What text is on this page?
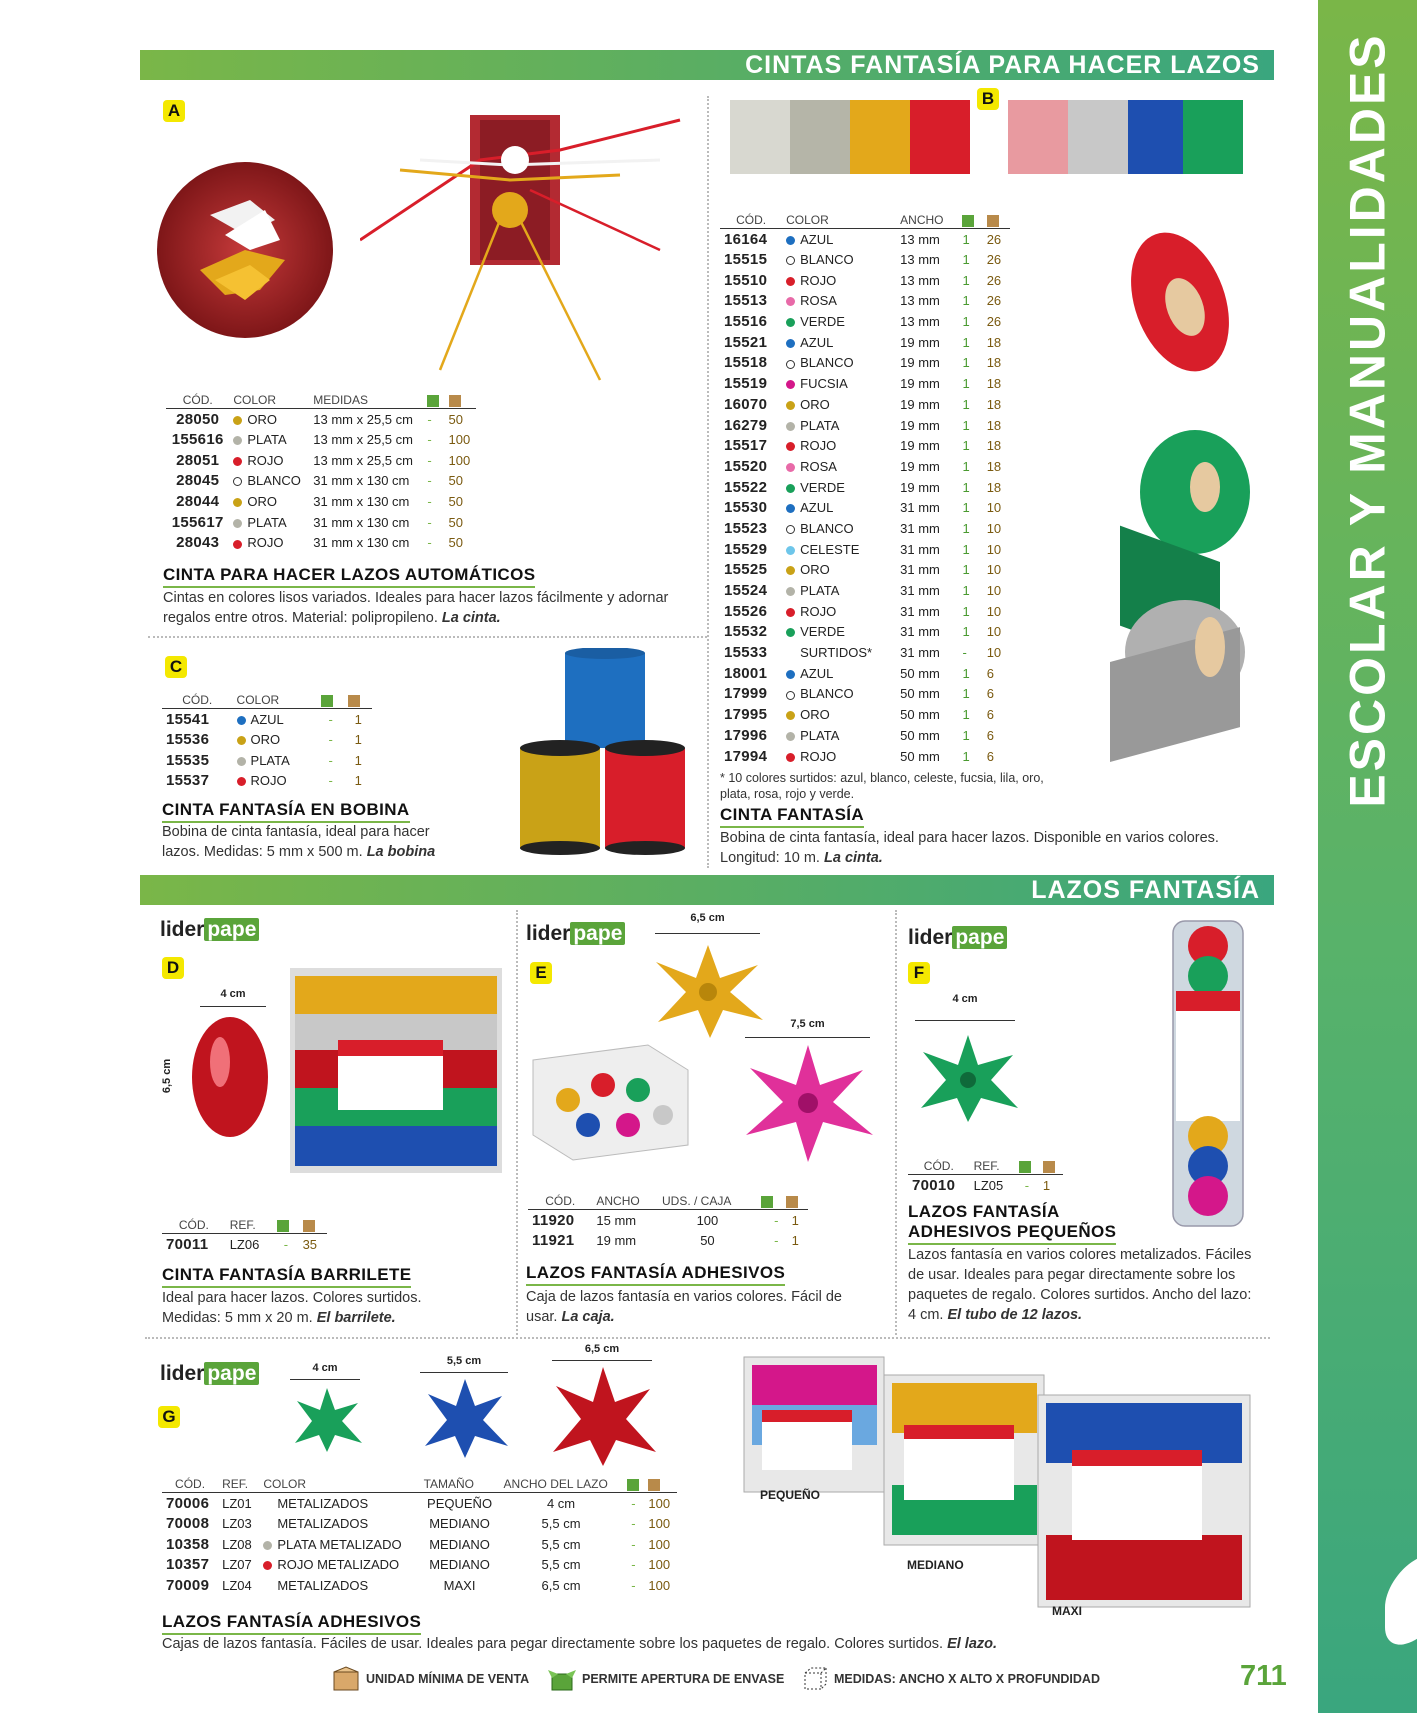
ESCOLAR Y MANUALIDADES
CINTAS FANTASÍA PARA HACER LAZOS
A
CÓD.	COLOR	MEDIDAS		
28050	ORO	13 mm x 25,5 cm	-	50
155616	PLATA	13 mm x 25,5 cm	-	100
28051	ROJO	13 mm x 25,5 cm	-	100
28045	BLANCO	31 mm x 130 cm	-	50
28044	ORO	31 mm x 130 cm	-	50
155617	PLATA	31 mm x 130 cm	-	50
28043	ROJO	31 mm x 130 cm	-	50
CINTA PARA HACER LAZOS AUTOMÁTICOS
Cintas en colores lisos variados. Ideales para hacer lazos fácilmente y adornar regalos entre otros. Material: polipropileno. La cinta.
C
CÓD.	COLOR		
15541	AZUL	-	1
15536	ORO	-	1
15535	PLATA	-	1
15537	ROJO	-	1
CINTA FANTASÍA EN BOBINA
Bobina de cinta fantasía, ideal para hacer lazos. Medidas: 5 mm x 500 m. La bobina
B
CÓD.	COLOR	ANCHO		
16164	AZUL	13 mm	1	26
15515	BLANCO	13 mm	1	26
15510	ROJO	13 mm	1	26
15513	ROSA	13 mm	1	26
15516	VERDE	13 mm	1	26
15521	AZUL	19 mm	1	18
15518	BLANCO	19 mm	1	18
15519	FUCSIA	19 mm	1	18
16070	ORO	19 mm	1	18
16279	PLATA	19 mm	1	18
15517	ROJO	19 mm	1	18
15520	ROSA	19 mm	1	18
15522	VERDE	19 mm	1	18
15530	AZUL	31 mm	1	10
15523	BLANCO	31 mm	1	10
15529	CELESTE	31 mm	1	10
15525	ORO	31 mm	1	10
15524	PLATA	31 mm	1	10
15526	ROJO	31 mm	1	10
15532	VERDE	31 mm	1	10
15533	SURTIDOS*	31 mm	-	10
18001	AZUL	50 mm	1	6
17999	BLANCO	50 mm	1	6
17995	ORO	50 mm	1	6
17996	PLATA	50 mm	1	6
17994	ROJO	50 mm	1	6
* 10 colores surtidos: azul, blanco, celeste, fucsia, lila, oro, plata, rosa, rojo y verde.
CINTA FANTASÍA
Bobina de cinta fantasía, ideal para hacer lazos. Disponible en varios colores. Longitud: 10 m. La cinta.
LAZOS FANTASÍA
lider pape
D
4 cm
6,5 cm
CÓD.	REF.		
70011	LZ06	-	35
CINTA FANTASÍA BARRILETE
Ideal para hacer lazos. Colores surtidos. Medidas: 5 mm x 20 m. El barrilete.
lider pape
E
6,5 cm
7,5 cm
CÓD.	ANCHO	UDS. / CAJA		
11920	15 mm	100	-	1
11921	19 mm	50	-	1
LAZOS FANTASÍA ADHESIVOS
Caja de lazos fantasía en varios colores. Fácil de usar. La caja.
lider pape
F
4 cm
CÓD.	REF.		
70010	LZ05	-	1
LAZOS FANTASÍA
ADHESIVOS PEQUEÑOS
Lazos fantasía en varios colores metalizados. Fáciles de usar. Ideales para pegar directamente sobre los paquetes de regalo. Colores surtidos. Ancho del lazo: 4 cm. El tubo de 12 lazos.
lider pape
G
4 cm
5,5 cm
6,5 cm
CÓD.	REF.	COLOR	TAMAÑO	ANCHO DEL LAZO		
70006	LZ01	METALIZADOS	PEQUEÑO	4 cm	-	100
70008	LZ03	METALIZADOS	MEDIANO	5,5 cm	-	100
10358	LZ08	PLATA METALIZADO	MEDIANO	5,5 cm	-	100
10357	LZ07	ROJO METALIZADO	MEDIANO	5,5 cm	-	100
70009	LZ04	METALIZADOS	MAXI	6,5 cm	-	100
PEQUEÑO
MEDIANO
MAXI
LAZOS FANTASÍA ADHESIVOS
Cajas de lazos fantasía. Fáciles de usar. Ideales para pegar directamente sobre los paquetes de regalo. Colores surtidos. El lazo.
UNIDAD MÍNIMA DE VENTA	PERMITE APERTURA DE ENVASE	MEDIDAS: ANCHO X ALTO X PROFUNDIDAD	711
